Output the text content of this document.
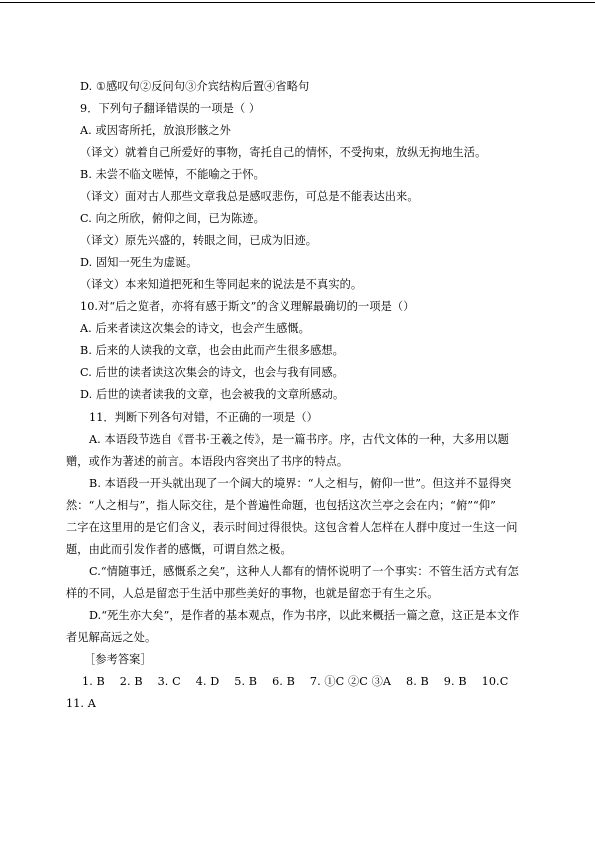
D. ①感叹句②反问句③介宾结构后置④省略句
9．下列句子翻译错误的一项是（ ）
A. 或因寄所托，放浪形骸之外
（译文）就着自己所爱好的事物，寄托自己的情怀，不受拘束，放纵无拘地生活。
B. 未尝不临文嗟悼，不能喻之于怀。
（译文）面对古人那些文章我总是感叹悲伤，可总是不能表达出来。
C. 向之所欣，俯仰之间，已为陈迹。
（译文）原先兴盛的，转眼之间，已成为旧迹。
D. 固知一死生为虚诞。
（译文）本来知道把死和生等同起来的说法是不真实的。
10.对“后之览者，亦将有感于斯文”的含义理解最确切的一项是（）
A. 后来者读这次集会的诗文，也会产生感慨。
B. 后来的人读我的文章，也会由此而产生很多感想。
C. 后世的读者读这次集会的诗文，也会与我有同感。
D. 后世的读者读我的文章，也会被我的文章所感动。
11．判断下列各句对错，不正确的一项是（）
A. 本语段节选自《晋书·王羲之传》，是一篇书序。序，古代文体的一种，大多用以题
赠，或作为著述的前言。本语段内容突出了书序的特点。
B. 本语段一开头就出现了一个阔大的境界：“人之相与，俯仰一世”。但这并不显得突
然：“人之相与”，指人际交往，是个普遍性命题，也包括这次兰亭之会在内；“俯”“仰”
二字在这里用的是它们含义，表示时间过得很快。这包含着人怎样在人群中度过一生这一问
题，由此而引发作者的感慨，可谓自然之极。
C.“情随事迁，感慨系之矣”，这种人人都有的情怀说明了一个事实：不管生活方式有怎
样的不同，人总是留恋于生活中那些美好的事物，也就是留恋于有生之乐。
D.“死生亦大矣”，是作者的基本观点，作为书序，以此来概括一篇之意，这正是本文作
者见解高远之处。
［参考答案］
1. B　 2. B　 3. C　 4. D　 5. B　 6. B　 7. ①C ②C ③A　 8. B　 9. B　 10.C
11. A
